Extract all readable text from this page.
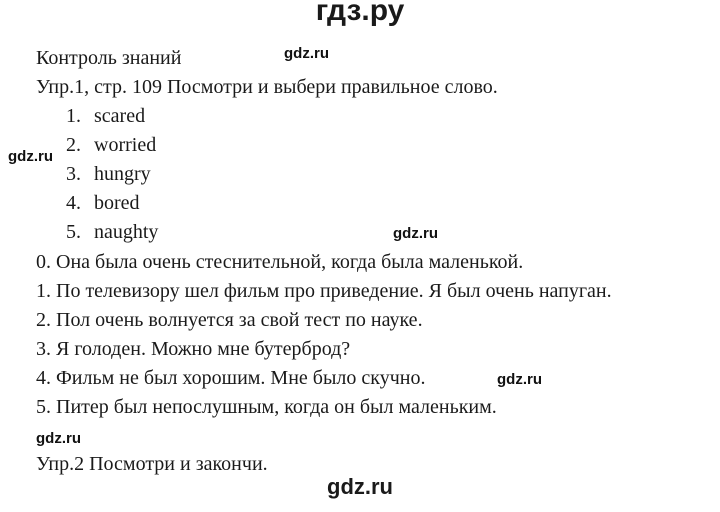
гдз.ру
gdz.ru
gdz.ru
gdz.ru
gdz.ru
gdz.ru
Контроль знаний
Упр.1, стр. 109 Посмотри и выбери правильное слово.
1. scared
2. worried
3. hungry
4. bored
5. naughty
0. Она была очень стеснительной, когда была маленькой.
1. По телевизору шел фильм про приведение. Я был очень напуган.
2. Пол очень волнуется за свой тест по науке.
3. Я голоден. Можно мне бутерброд?
4. Фильм не был хорошим. Мне было скучно.
5. Питер был непослушным, когда он был маленьким.
Упр.2 Посмотри и закончи.
gdz.ru
